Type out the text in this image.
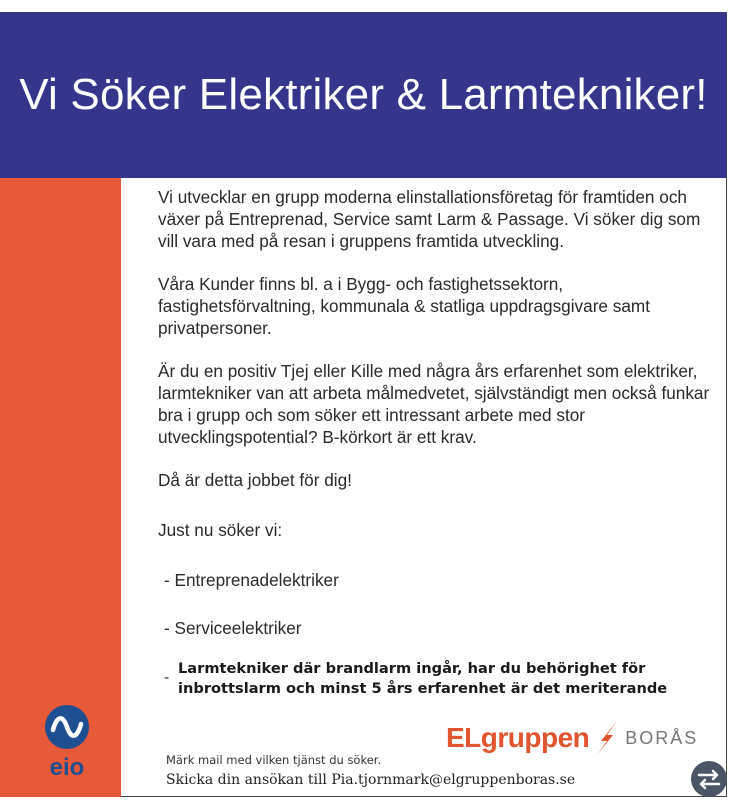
Vi Söker Elektriker & Larmtekniker!
eio

Vi utvecklar en grupp moderna elinstallationsföretag för framtiden och växer på Entreprenad, Service samt Larm & Passage. Vi söker dig som vill vara med på resan i gruppens framtida utveckling.

Våra Kunder finns bl. a i Bygg- och fastighetssektorn, fastighetsförvaltning, kommunala & statliga uppdragsgivare samt privatpersoner.

Är du en positiv Tjej eller Kille med några års erfarenhet som elektriker, larmtekniker van att arbeta målmedvetet, självständigt men också funkar bra i grupp och som söker ett intressant arbete med stor utvecklingspotential? B-körkort är ett krav.

Då är detta jobbet för dig!

Just nu söker vi:

- Entreprenadelektriker
- Serviceelektriker
-
Larmtekniker där brandlarm ingår, har du behörighet för inbrottslarm och minst 5 års erfarenhet är det meriterande
ELgruppen BORÅS
Märk mail med vilken tjänst du söker.
Skicka din ansökan till Pia.tjornmark@elgruppenboras.se
